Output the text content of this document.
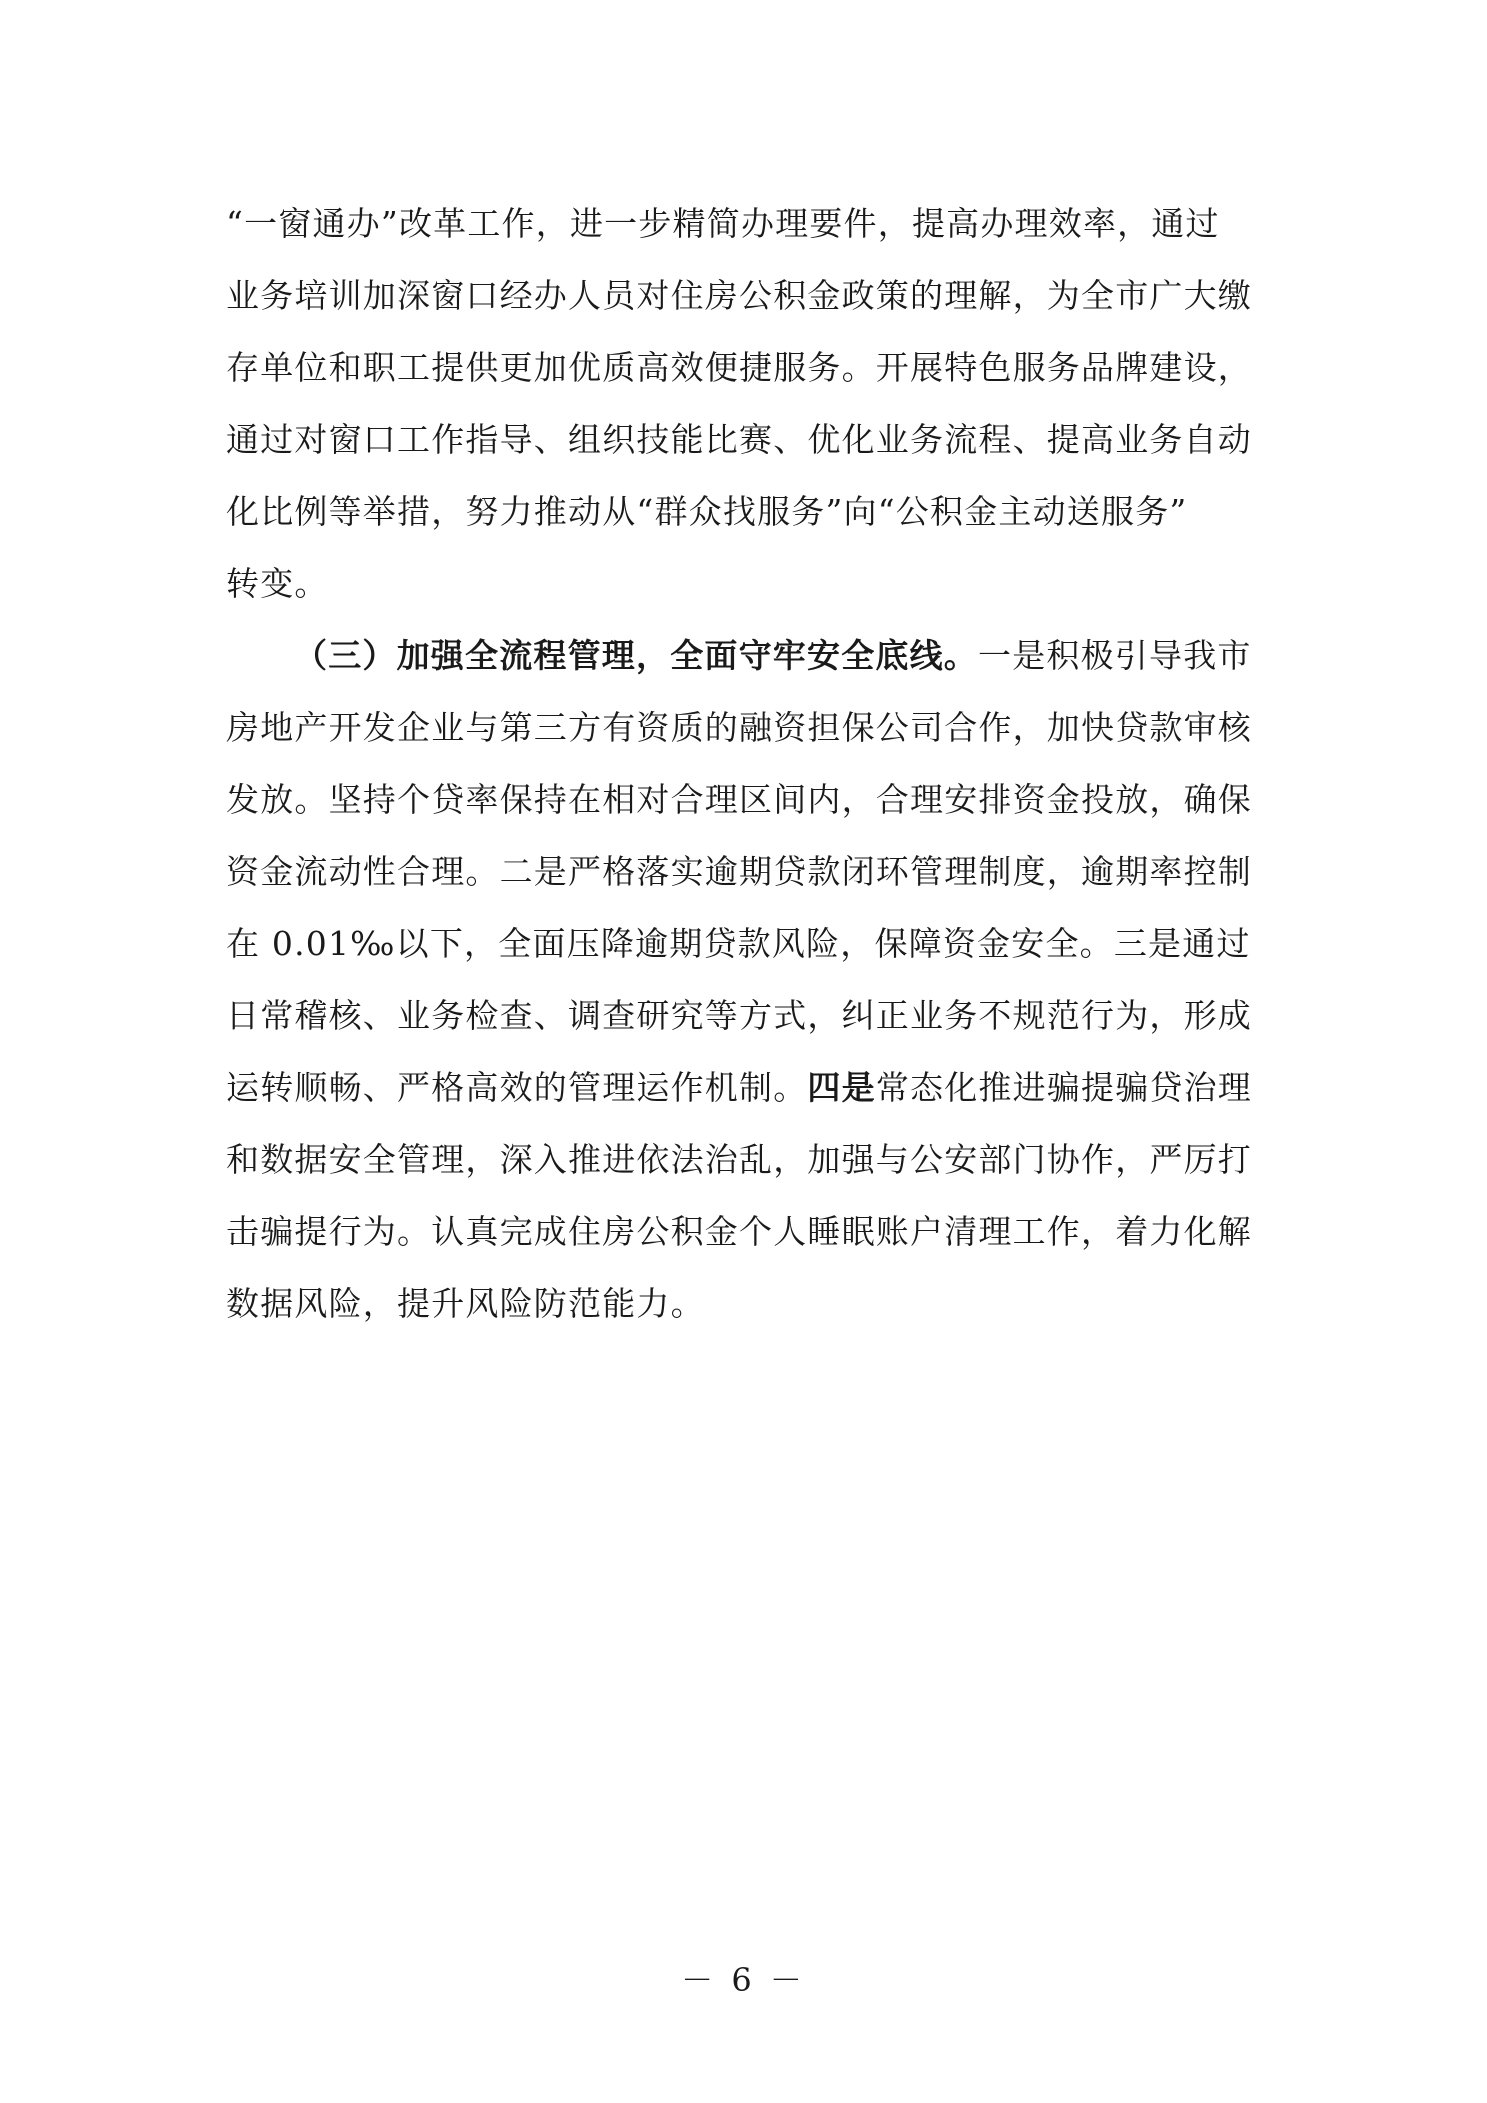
“一窗通办”改革工作，进一步精简办理要件，提高办理效率，通过
业务培训加深窗口经办人员对住房公积金政策的理解，为全市广大缴
存单位和职工提供更加优质高效便捷服务。开展特色服务品牌建设，
通过对窗口工作指导、组织技能比赛、优化业务流程、提高业务自动
化比例等举措，努力推动从“群众找服务”向“公积金主动送服务”
转变。
（三）加强全流程管理，全面守牢安全底线。一是积极引导我市
房地产开发企业与第三方有资质的融资担保公司合作，加快贷款审核
发放。坚持个贷率保持在相对合理区间内，合理安排资金投放，确保
资金流动性合理。二是严格落实逾期贷款闭环管理制度，逾期率控制
在 0.01‰以下，全面压降逾期贷款风险，保障资金安全。三是通过
日常稽核、业务检查、调查研究等方式，纠正业务不规范行为，形成
运转顺畅、严格高效的管理运作机制。四是常态化推进骗提骗贷治理
和数据安全管理，深入推进依法治乱，加强与公安部门协作，严厉打
击骗提行为。认真完成住房公积金个人睡眠账户清理工作，着力化解
数据风险，提升风险防范能力。
－ 6 －
